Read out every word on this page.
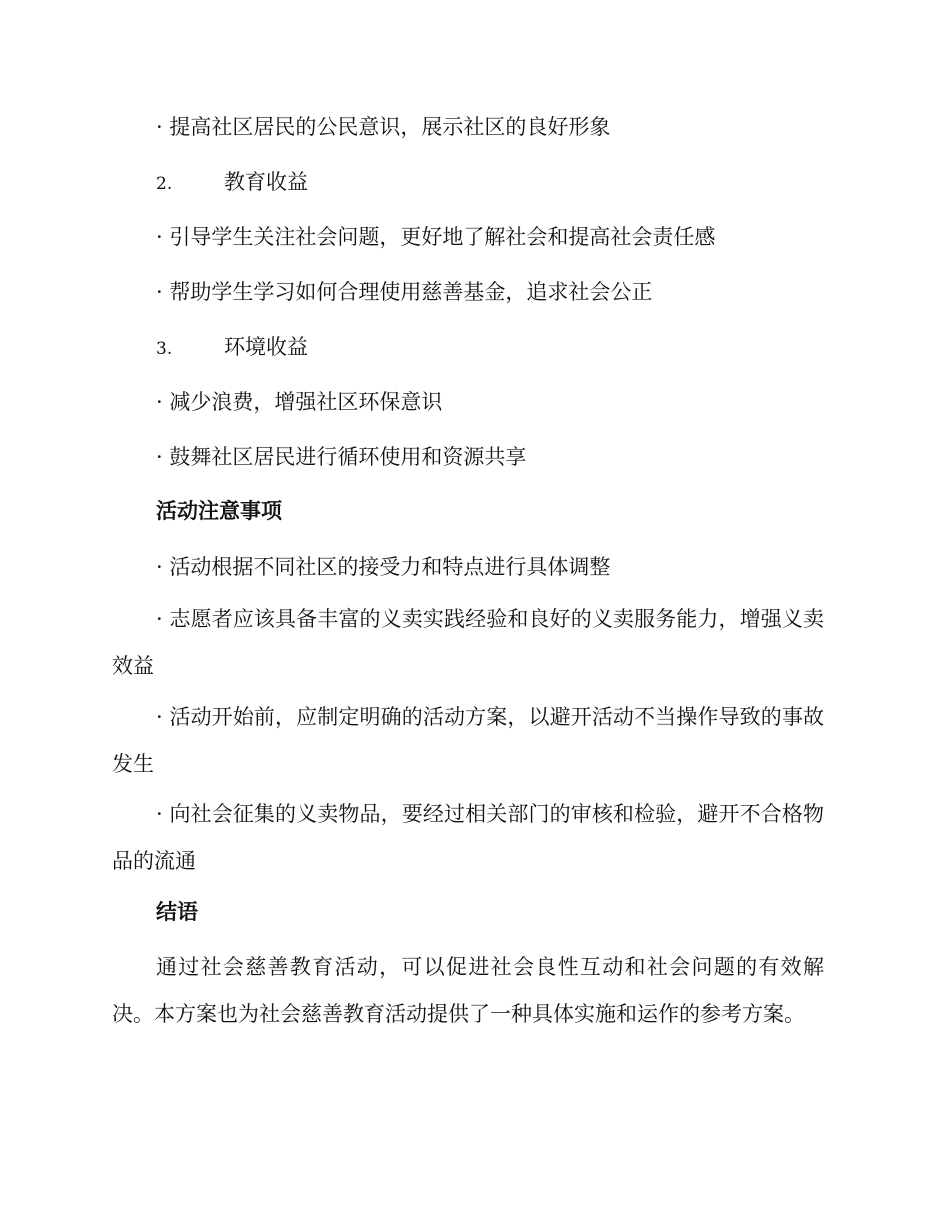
· 提高社区居民的公民意识，展示社区的良好形象
2. 教育收益
· 引导学生关注社会问题，更好地了解社会和提高社会责任感
· 帮助学生学习如何合理使用慈善基金，追求社会公正
3. 环境收益
· 减少浪费，增强社区环保意识
· 鼓舞社区居民进行循环使用和资源共享
活动注意事项
· 活动根据不同社区的接受力和特点进行具体调整
· 志愿者应该具备丰富的义卖实践经验和良好的义卖服务能力，增强义卖效益
· 活动开始前，应制定明确的活动方案，以避开活动不当操作导致的事故发生
· 向社会征集的义卖物品，要经过相关部门的审核和检验，避开不合格物品的流通
结语
通过社会慈善教育活动，可以促进社会良性互动和社会问题的有效解决。本方案也为社会慈善教育活动提供了一种具体实施和运作的参考方案。
